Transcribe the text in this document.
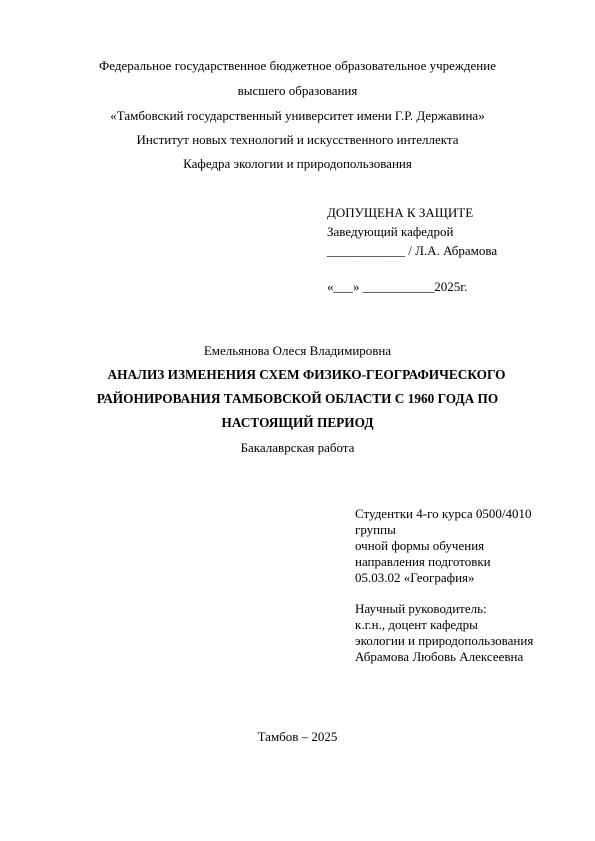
Федеральное государственное бюджетное образовательное учреждение
высшего образования
«Тамбовский государственный университет имени Г.Р. Державина»
Институт новых технологий и искусственного интеллекта
Кафедра экологии и природопользования
ДОПУЩЕНА К ЗАЩИТЕ
Заведующий кафедрой
____________ / Л.А. Абрамова
«___» ___________2025г.
Емельянова Олеся Владимировна
АНАЛИЗ ИЗМЕНЕНИЯ СХЕМ ФИЗИКО-ГЕОГРАФИЧЕСКОГО
РАЙОНИРОВАНИЯ ТАМБОВСКОЙ ОБЛАСТИ С 1960 ГОДА ПО
НАСТОЯЩИЙ ПЕРИОД
Бакалаврская работа
Студентки 4-го курса 0500/4010
группы
очной формы обучения
направления подготовки
05.03.02 «География»
Научный руководитель:
к.г.н., доцент кафедры
экологии и природопользования
Абрамова Любовь Алексеевна
Тамбов – 2025
